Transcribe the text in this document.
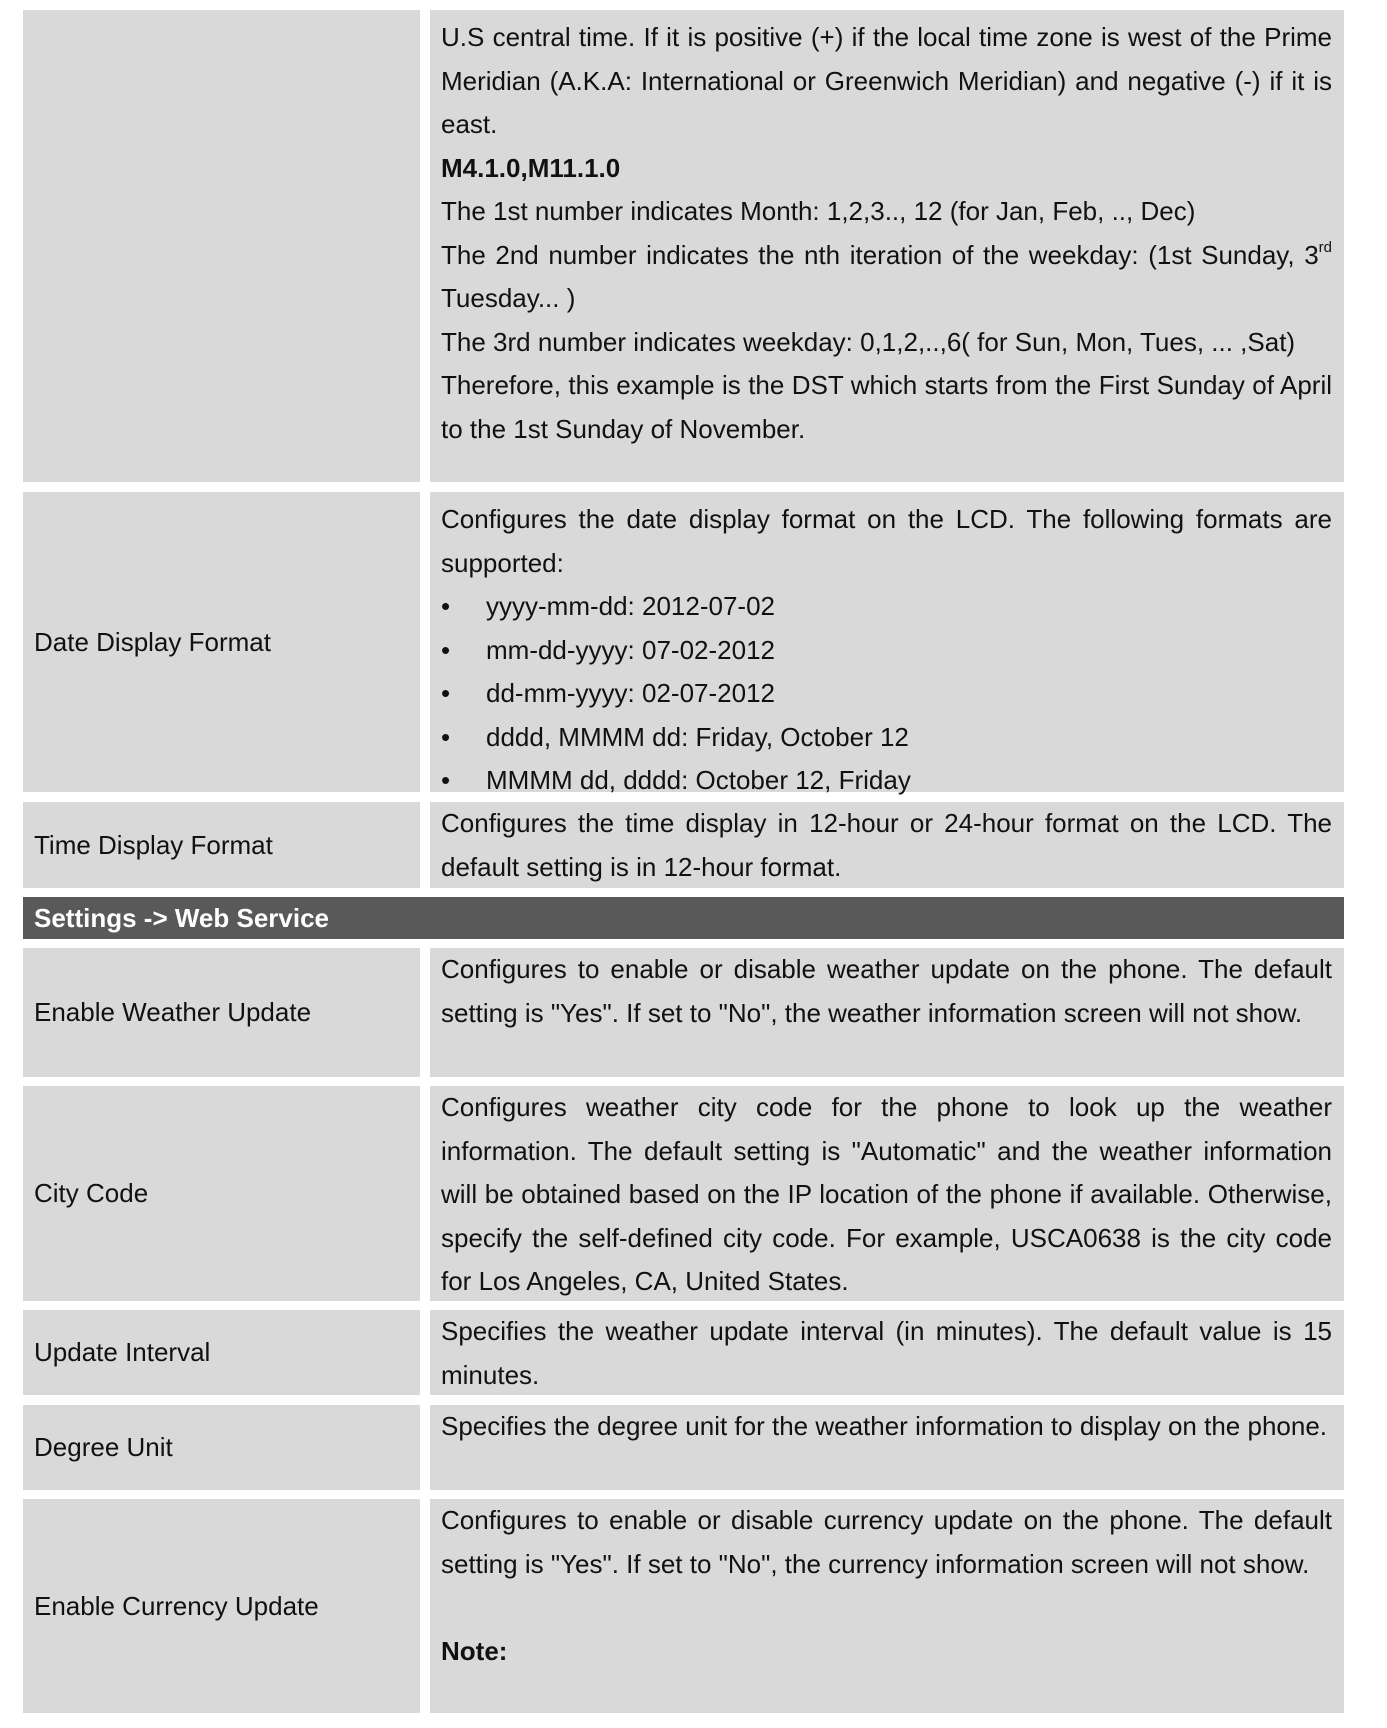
U.S central time. If it is positive (+) if the local time zone is west of the Prime Meridian (A.K.A: International or Greenwich Meridian) and negative (-) if it is east.

M4.1.0,M11.1.0

The 1st number indicates Month: 1,2,3.., 12 (for Jan, Feb, .., Dec)

The 2nd number indicates the nth iteration of the weekday: (1st Sunday, 3rd Tuesday... )

The 3rd number indicates weekday: 0,1,2,..,6( for Sun, Mon, Tues, ... ,Sat)

Therefore, this example is the DST which starts from the First Sunday of April to the 1st Sunday of November.

Date Display Format

Configures the date display format on the LCD. The following formats are supported:

• yyyy-mm-dd: 2012-07-02
• mm-dd-yyyy: 07-02-2012
• dd-mm-yyyy: 02-07-2012
• dddd, MMMM dd: Friday, October 12
• MMMM dd, dddd: October 12, Friday
Time Display Format

Configures the time display in 12-hour or 24-hour format on the LCD. The default setting is in 12-hour format.

Settings -> Web Service
Enable Weather Update

Configures to enable or disable weather update on the phone. The default setting is "Yes". If set to "No", the weather information screen will not show.

City Code

Configures weather city code for the phone to look up the weather information. The default setting is "Automatic" and the weather information will be obtained based on the IP location of the phone if available. Otherwise, specify the self-defined city code. For example, USCA0638 is the city code for Los Angeles, CA, United States.

Update Interval

Specifies the weather update interval (in minutes). The default value is 15 minutes.

Degree Unit

Specifies the degree unit for the weather information to display on the phone.

Enable Currency Update

Configures to enable or disable currency update on the phone. The default setting is "Yes". If set to "No", the currency information screen will not show.

Note:
